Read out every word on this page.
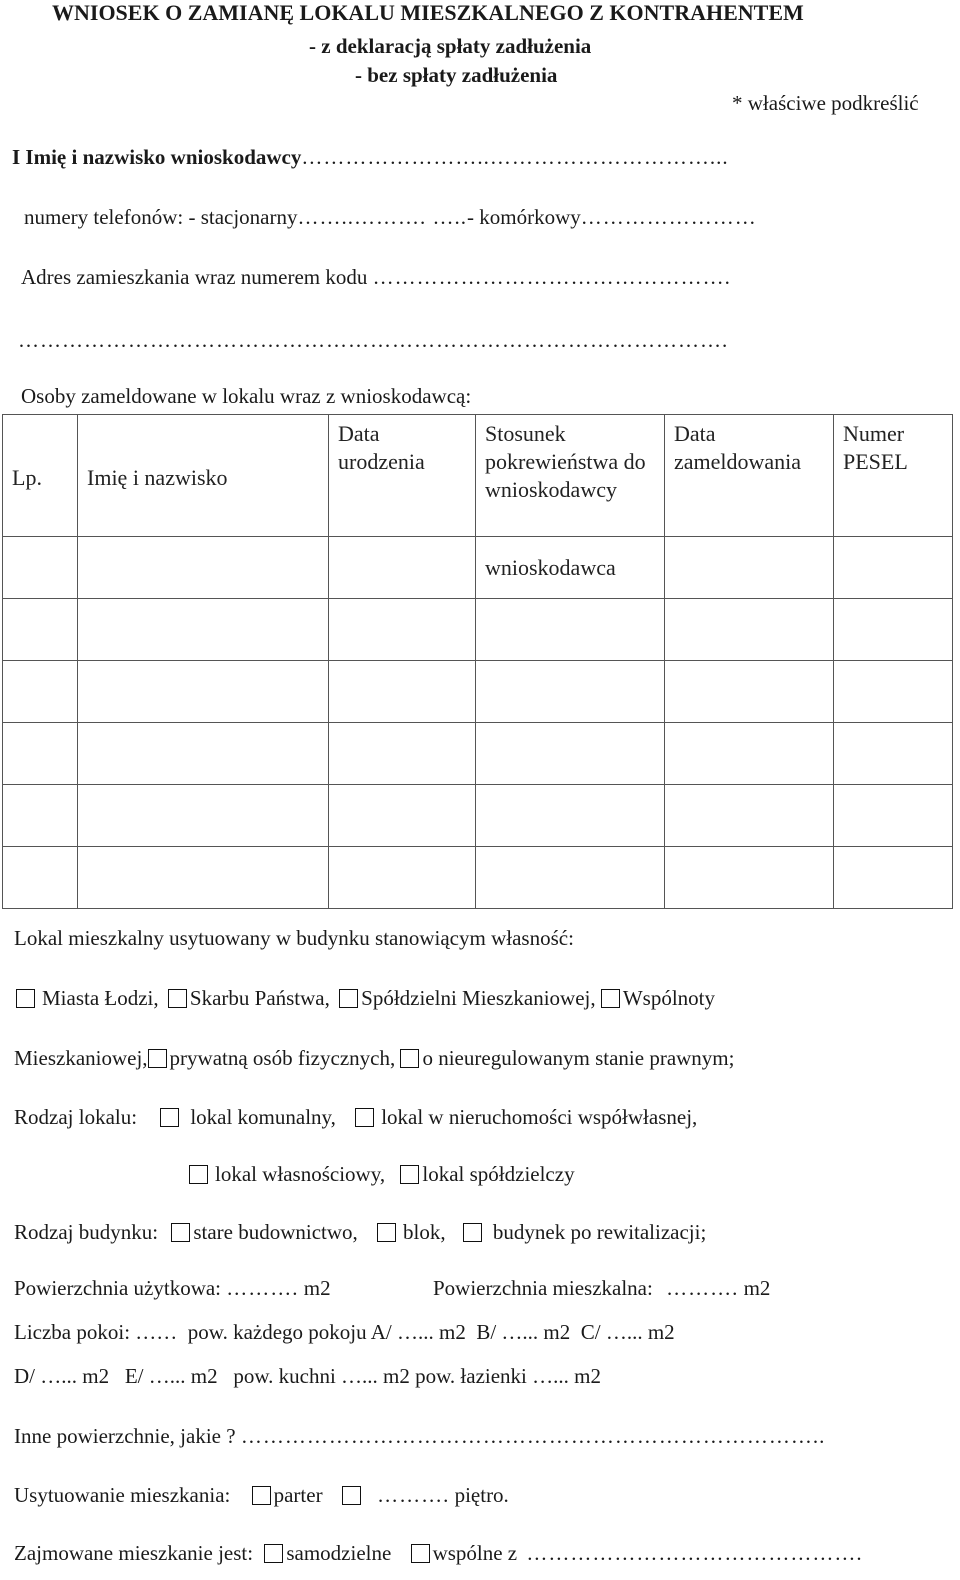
WNIOSEK O ZAMIANĘ LOKALU MIESZKALNEGO Z KONTRAHENTEM
- z deklaracją spłaty zadłużenia
- bez spłaty zadłużenia
* właściwe podkreślić
I Imię i nazwisko wnioskodawcy……………………..…………………………...
numery telefonów: - stacjonarny……..………. …..- komórkowy……………………
Adres zamieszkania wraz numerem kodu ………………………………………….
…………………………………………………………………………………….
Osoby zameldowane w lokalu wraz z wnioskodawcą:
Lp.	Imię i nazwisko	Data urodzenia	Stosunek pokrewieństwa do wnioskodawcy	Data zameldowania	Numer PESEL
			wnioskodawca		

Lokal mieszkalny usytuowany w budynku stanowiącym własność:
Miasta Łodzi, Skarbu Państwa, Spółdzielni Mieszkaniowej, Wspólnoty
Mieszkaniowej, prywatną osób fizycznych, o nieuregulowanym stanie prawnym;
Rodzaj lokalu:	lokal komunalny, lokal w nieruchomości współwłasnej,
lokal własnościowy, lokal spółdzielczy
Rodzaj budynku: stare budownictwo, blok, budynek po rewitalizacji;
Powierzchnia użytkowa: ………. m2	Powierzchnia mieszkalna: ………. m2
Liczba pokoi: ……  pow. każdego pokoju A/ …... m2  B/ …... m2  C/ …... m2
D/ …... m2   E/ …... m2   pow. kuchni …... m2 pow. łazienki …... m2
Inne powierzchnie, jakie ? ……………………………………………………………………..
Usytuowanie mieszkania: parter	………. piętro.
Zajmowane mieszkanie jest: samodzielne wspólne z ……………………………………….
